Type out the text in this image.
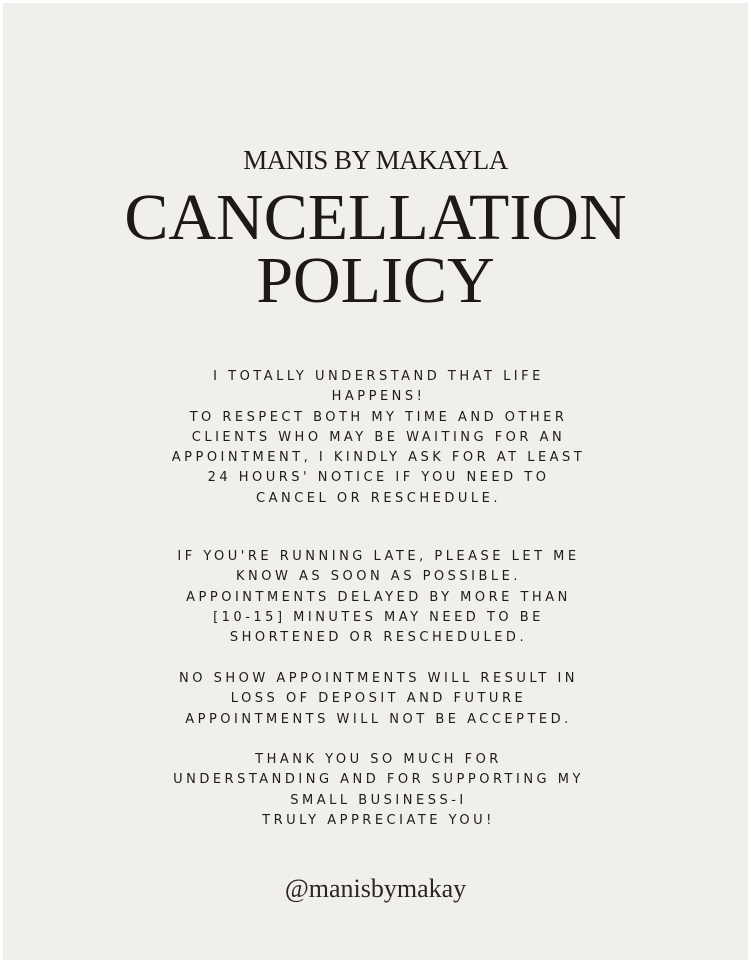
MANIS BY MAKAYLA
CANCELLATION
POLICY
I TOTALLY UNDERSTAND THAT LIFE
HAPPENS!
TO RESPECT BOTH MY TIME AND OTHER
CLIENTS WHO MAY BE WAITING FOR AN
APPOINTMENT, I KINDLY ASK FOR AT LEAST
24 HOURS' NOTICE IF YOU NEED TO
CANCEL OR RESCHEDULE.
IF YOU'RE RUNNING LATE, PLEASE LET ME
KNOW AS SOON AS POSSIBLE.
APPOINTMENTS DELAYED BY MORE THAN
[10-15] MINUTES MAY NEED TO BE
SHORTENED OR RESCHEDULED.
NO SHOW APPOINTMENTS WILL RESULT IN
LOSS OF DEPOSIT AND FUTURE
APPOINTMENTS WILL NOT BE ACCEPTED.
THANK YOU SO MUCH FOR
UNDERSTANDING AND FOR SUPPORTING MY
SMALL BUSINESS-I
TRULY APPRECIATE YOU!
@manisbymakay
